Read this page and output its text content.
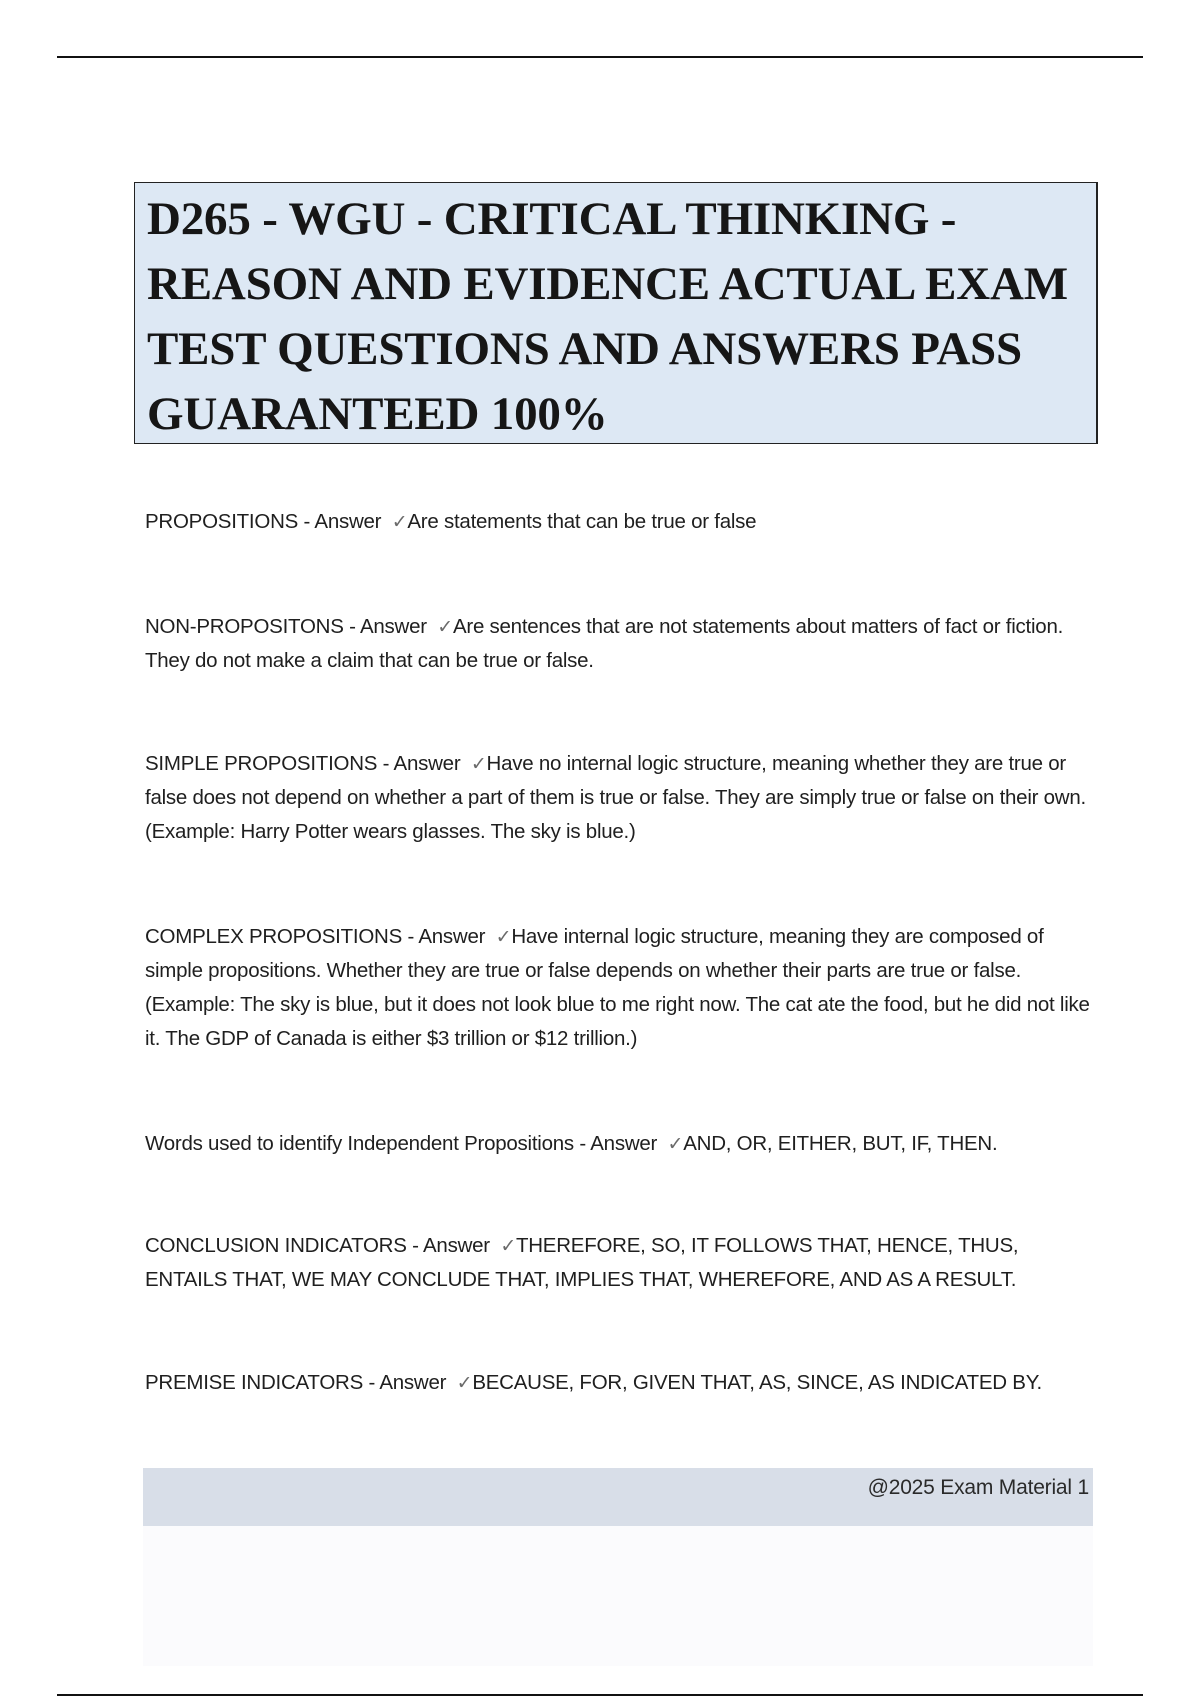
D265 - WGU - CRITICAL THINKING - REASON AND EVIDENCE ACTUAL EXAM TEST QUESTIONS AND ANSWERS PASS GUARANTEED 100%

PROPOSITIONS - Answer ✓Are statements that can be true or false

NON-PROPOSITONS - Answer ✓Are sentences that are not statements about matters of fact or fiction. They do not make a claim that can be true or false.

SIMPLE PROPOSITIONS - Answer ✓Have no internal logic structure, meaning whether they are true or false does not depend on whether a part of them is true or false. They are simply true or false on their own. (Example: Harry Potter wears glasses. The sky is blue.)

COMPLEX PROPOSITIONS - Answer ✓Have internal logic structure, meaning they are composed of simple propositions. Whether they are true or false depends on whether their parts are true or false. (Example: The sky is blue, but it does not look blue to me right now. The cat ate the food, but he did not like it. The GDP of Canada is either $3 trillion or $12 trillion.)

Words used to identify Independent Propositions - Answer ✓AND, OR, EITHER, BUT, IF, THEN.

CONCLUSION INDICATORS - Answer ✓THEREFORE, SO, IT FOLLOWS THAT, HENCE, THUS, ENTAILS THAT, WE MAY CONCLUDE THAT, IMPLIES THAT, WHEREFORE, AND AS A RESULT.

PREMISE INDICATORS - Answer ✓BECAUSE, FOR, GIVEN THAT, AS, SINCE, AS INDICATED BY.

@2025 Exam Material 1
